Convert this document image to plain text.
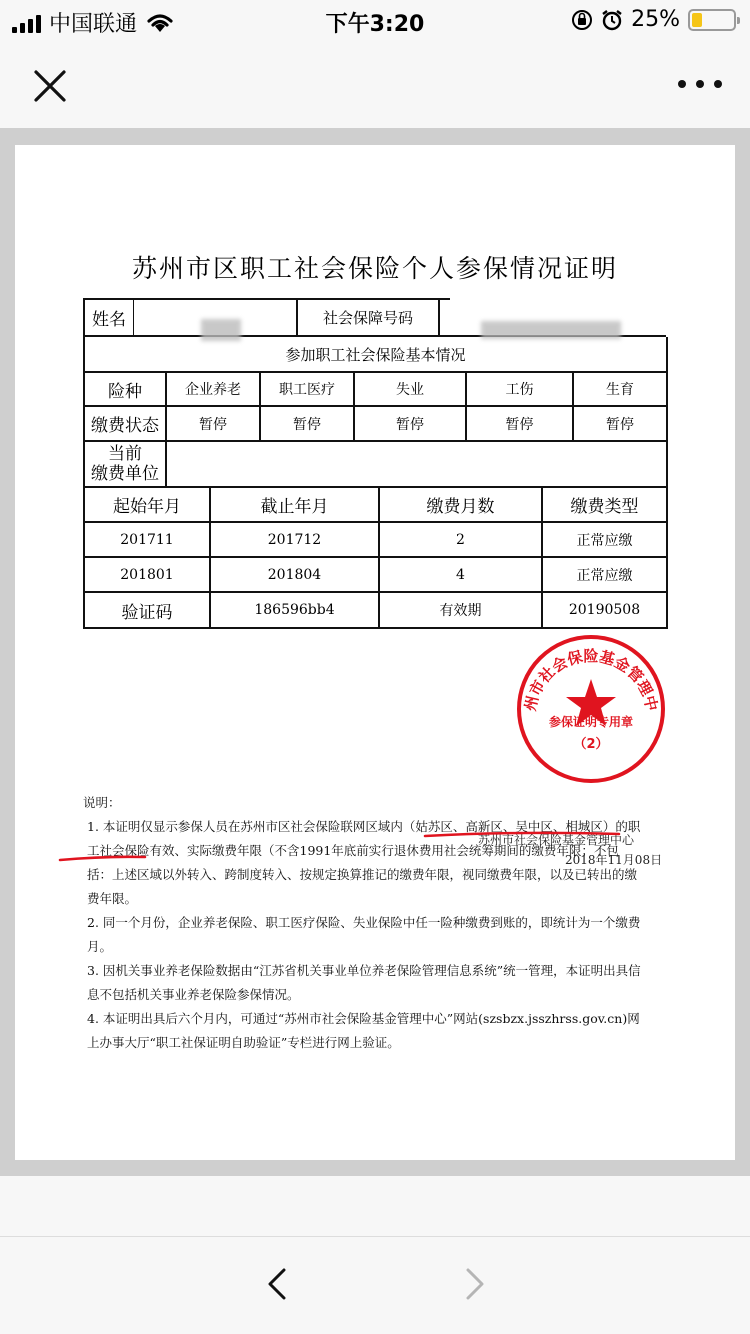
中国联通	下午3:20	25%
苏州市区职工社会保险个人参保情况证明
姓名	社会保障号码
参加职工社会保险基本情况
险种	企业养老	职工医疗	失业	工伤	生育
缴费状态	暂停	暂停	暂停	暂停	暂停
当前
缴费单位
起始年月	截止年月	缴费月数	缴费类型
201711	201712	2	正常应缴
201801	201804	4	正常应缴
验证码	186596bb4	有效期	20190508
苏州市社会保险基金管理中心
2018年11月08日
州市社会保险基金管理中
参保证明专用章
（2）

说明：

1. 本证明仅显示参保人员在苏州市区社会保险联网区域内（姑苏区、高新区、吴中区、相城区）的职工社会保险有效、实际缴费年限（不含1991年底前实行退休费用社会统筹期间的缴费年限；不包括：上述区域以外转入、跨制度转入、按规定换算推记的缴费年限，视同缴费年限，以及已转出的缴费年限。

2. 同一个月份，企业养老保险、职工医疗保险、失业保险中任一险种缴费到账的，即统计为一个缴费月。

3. 因机关事业养老保险数据由“江苏省机关事业单位养老保险管理信息系统”统一管理，本证明出具信息不包括机关事业养老保险参保情况。

4. 本证明出具后六个月内，可通过“苏州市社会保险基金管理中心”网站(szsbzx.jsszhrss.gov.cn)网上办事大厅“职工社保证明自助验证”专栏进行网上验证。
